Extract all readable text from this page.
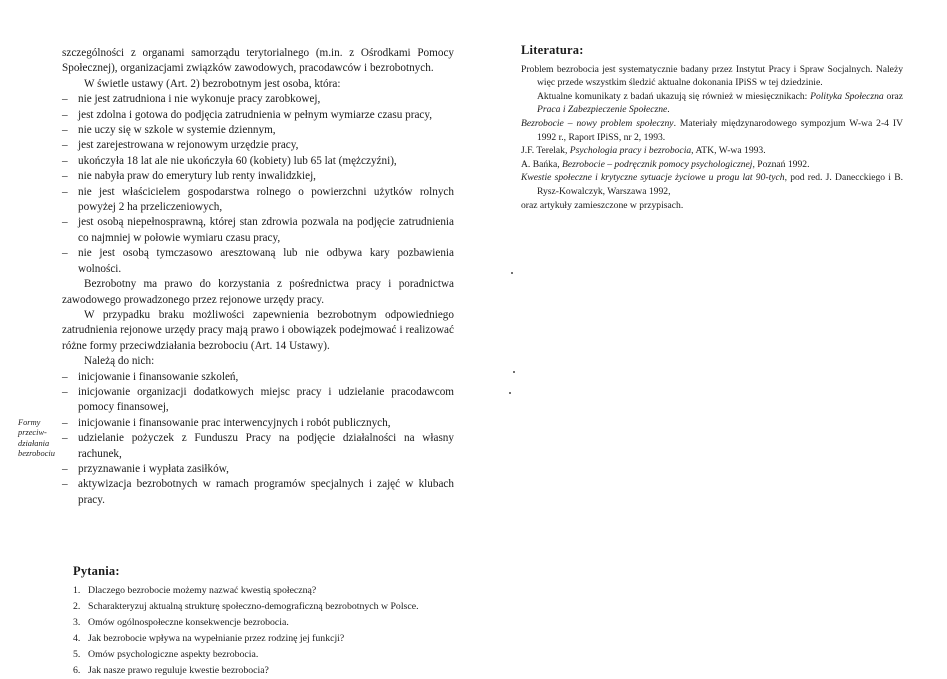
szczególności z organami samorządu terytorialnego (m.in. z Ośrodkami Pomocy Społecznej), organizacjami związków zawodowych, pracodawców i bezrobotnych.

W świetle ustawy (Art. 2) bezrobotnym jest osoba, która:

– nie jest zatrudniona i nie wykonuje pracy zarobkowej,

– jest zdolna i gotowa do podjęcia zatrudnienia w pełnym wymiarze czasu pracy,

– nie uczy się w szkole w systemie dziennym,

– jest zarejestrowana w rejonowym urzędzie pracy,

– ukończyła 18 lat ale nie ukończyła 60 (kobiety) lub 65 lat (mężczyźni),

– nie nabyła praw do emerytury lub renty inwalidzkiej,

– nie jest właścicielem gospodarstwa rolnego o powierzchni użytków rolnych powyżej 2 ha przeliczeniowych,

– jest osobą niepełnosprawną, której stan zdrowia pozwala na podjęcie zatrudnienia co najmniej w połowie wymiaru czasu pracy,

– nie jest osobą tymczasowo aresztowaną lub nie odbywa kary pozbawienia wolności.

Bezrobotny ma prawo do korzystania z pośrednictwa pracy i poradnictwa zawodowego prowadzonego przez rejonowe urzędy pracy.

W przypadku braku możliwości zapewnienia bezrobotnym odpowiedniego zatrudnienia rejonowe urzędy pracy mają prawo i obowiązek podejmować i realizować różne formy przeciwdziałania bezrobociu (Art. 14 Ustawy).

Należą do nich:

– inicjowanie i finansowanie szkoleń,

– inicjowanie organizacji dodatkowych miejsc pracy i udzielanie pracodawcom pomocy finansowej,

– inicjowanie i finansowanie prac interwencyjnych i robót publicznych,

– udzielanie pożyczek z Funduszu Pracy na podjęcie działalności na własny rachunek,

– przyznawanie i wypłata zasiłków,

– aktywizacja bezrobotnych w ramach programów specjalnych i zajęć w klubach pracy.

Formy przeciw-działania bezrobociu
Pytania:
1. Dlaczego bezrobocie możemy nazwać kwestią społeczną?
2. Scharakteryzuj aktualną strukturę społeczno-demograficzną bezrobotnych w Polsce.
3. Omów ogólnospołeczne konsekwencje bezrobocia.
4. Jak bezrobocie wpływa na wypełnianie przez rodzinę jej funkcji?
5. Omów psychologiczne aspekty bezrobocia.
6. Jak nasze prawo reguluje kwestie bezrobocia?
Literatura:

Problem bezrobocia jest systematycznie badany przez Instytut Pracy i Spraw Socjalnych. Należy więc przede wszystkim śledzić aktualne dokonania IPiSS w tej dziedzinie.

Aktualne komunikaty z badań ukazują się również w miesięcznikach: Polityka Społeczna oraz Praca i Zabezpieczenie Społeczne.

Bezrobocie – nowy problem społeczny. Materiały międzynarodowego sympozjum W-wa 2-4 IV 1992 r., Raport IPiSS, nr 2, 1993.

J.F. Terelak, Psychologia pracy i bezrobocia, ATK, W-wa 1993.

A. Bańka, Bezrobocie – podręcznik pomocy psychologicznej, Poznań 1992.

Kwestie społeczne i krytyczne sytuacje życiowe u progu lat 90-tych, pod red. J. Danecckiego i B. Rysz-Kowalczyk, Warszawa 1992,

oraz artykuły zamieszczone w przypisach.
